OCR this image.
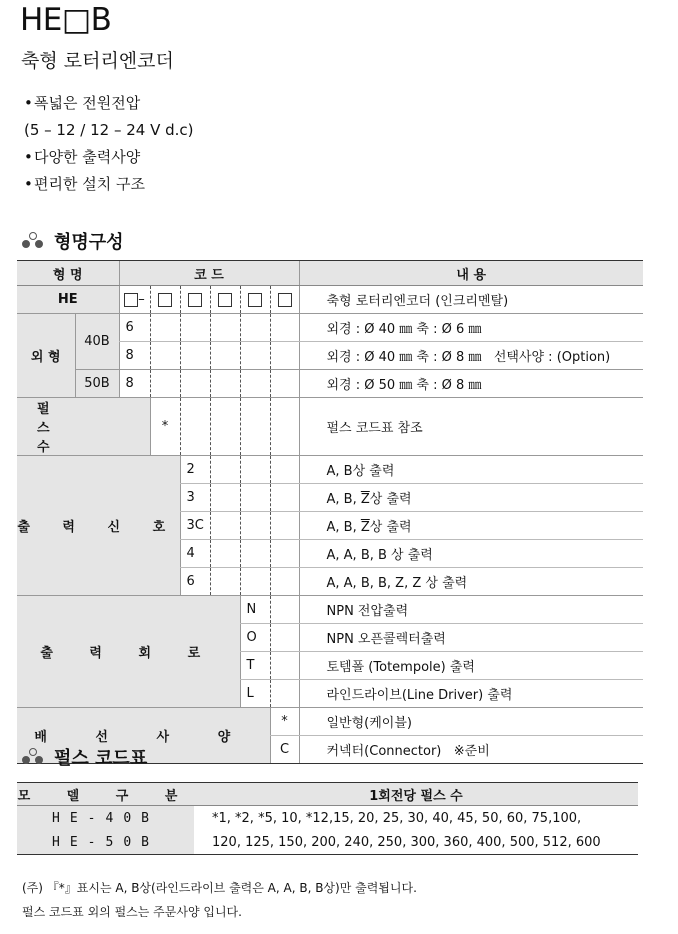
HE□B
축형 로터리엔코더
•폭넓은 전원전압
(5 – 12 / 12 – 24 V d.c)
•다양한 출력사양
•편리한 설치 구조
형명구성
형 명		코 드						내 용
HE		–						축형 로터리엔코더 (인크리멘탈)
외 형	40B	6						외경 : Ø 40 ㎜ 축 : Ø 6 ㎜
		8						외경 : Ø 40 ㎜ 축 : Ø 8 ㎜ 선택사양 : (Option)
	50B	8						외경 : Ø 50 ㎜ 축 : Ø 8 ㎜
펄 스 수			*					펄스 코드표 참조
출 력 신 호				2				A, B상 출력
				3				A, B, $\overline{Z}$상 출력
				3C				A, B, $\overline{Z}$상 출력
				4				A, A, B, B 상 출력
				6				A, A, B, B, Z, Z 상 출력
출 력 회 로						N		NPN 전압출력
						O		NPN 오픈콜렉터출력
						T		토템폴 (Totempole) 출력
						L		라인드라이브(Line Driver) 출력
배 선 사 양							*	일반형(케이블)
							C	커넥터(Connector) ※준비
펄스 코드표
모 델 구 분	1회전당 펄스 수
HE-40B	*1, *2, *5, 10, *12,15, 20, 25, 30, 40, 45, 50, 60, 75,100,
HE-50B	120, 125, 150, 200, 240, 250, 300, 360, 400, 500, 512, 600
(주) 『*』표시는 A, B상(라인드라이브 출력은 A, A, B, B상)만 출력됩니다.
펄스 코드표 외의 펄스는 주문사양 입니다.
